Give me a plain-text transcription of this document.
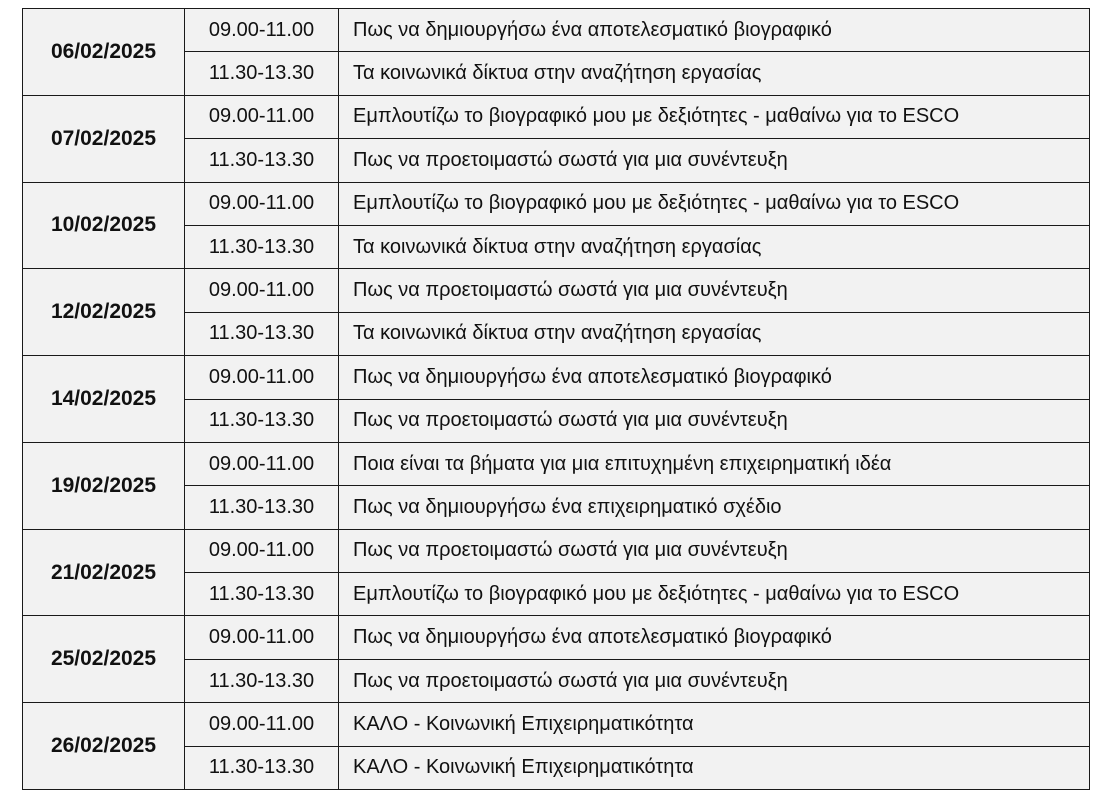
06/02/2025	09.00-11.00	Πως να δημιουργήσω ένα αποτελεσματικό βιογραφικό
	11.30-13.30	Τα κοινωνικά δίκτυα στην αναζήτηση εργασίας
07/02/2025	09.00-11.00	Εμπλουτίζω το βιογραφικό μου με δεξιότητες - μαθαίνω για το ESCO
	11.30-13.30	Πως να προετοιμαστώ σωστά για μια συνέντευξη
10/02/2025	09.00-11.00	Εμπλουτίζω το βιογραφικό μου με δεξιότητες - μαθαίνω για το ESCO
	11.30-13.30	Τα κοινωνικά δίκτυα στην αναζήτηση εργασίας
12/02/2025	09.00-11.00	Πως να προετοιμαστώ σωστά για μια συνέντευξη
	11.30-13.30	Τα κοινωνικά δίκτυα στην αναζήτηση εργασίας
14/02/2025	09.00-11.00	Πως να δημιουργήσω ένα αποτελεσματικό βιογραφικό
	11.30-13.30	Πως να προετοιμαστώ σωστά για μια συνέντευξη
19/02/2025	09.00-11.00	Ποια είναι τα βήματα για μια επιτυχημένη επιχειρηματική ιδέα
	11.30-13.30	Πως να δημιουργήσω ένα επιχειρηματικό σχέδιο
21/02/2025	09.00-11.00	Πως να προετοιμαστώ σωστά για μια συνέντευξη
	11.30-13.30	Εμπλουτίζω το βιογραφικό μου με δεξιότητες - μαθαίνω για το ESCO
25/02/2025	09.00-11.00	Πως να δημιουργήσω ένα αποτελεσματικό βιογραφικό
	11.30-13.30	Πως να προετοιμαστώ σωστά για μια συνέντευξη
26/02/2025	09.00-11.00	ΚΑΛΟ - Κοινωνική Επιχειρηματικότητα
	11.30-13.30	ΚΑΛΟ - Κοινωνική Επιχειρηματικότητα
